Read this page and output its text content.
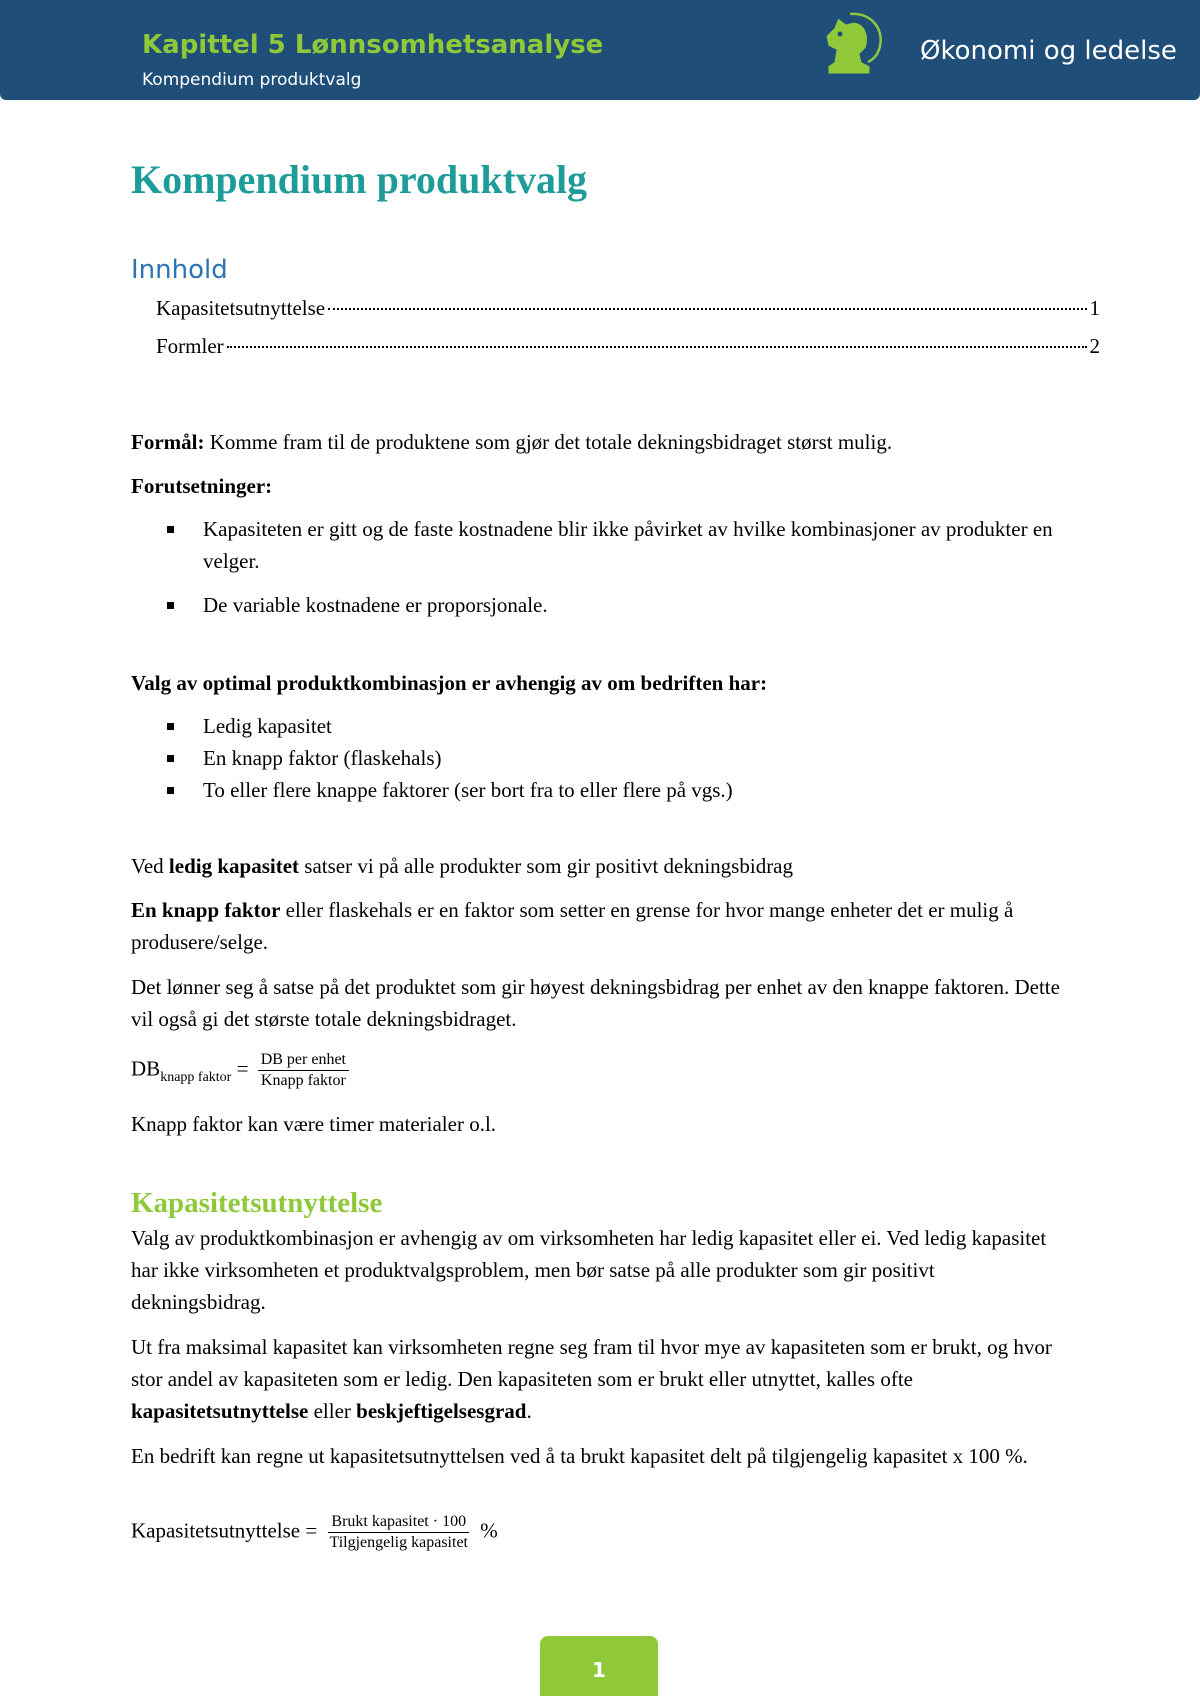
Kapittel 5 Lønnsomhetsanalyse
Kompendium produktvalg
Økonomi og ledelse
Kompendium produktvalg
Innhold
Kapasitetsutnyttelse	1
Formler	2
Formål: Komme fram til de produktene som gjør det totale dekningsbidraget størst mulig.
Forutsetninger:
Kapasiteten er gitt og de faste kostnadene blir ikke påvirket av hvilke kombinasjoner av produkter en velger.
De variable kostnadene er proporsjonale.
Valg av optimal produktkombinasjon er avhengig av om bedriften har:
Ledig kapasitet
En knapp faktor (flaskehals)
To eller flere knappe faktorer (ser bort fra to eller flere på vgs.)
Ved ledig kapasitet satser vi på alle produkter som gir positivt dekningsbidrag
En knapp faktor eller flaskehals er en faktor som setter en grense for hvor mange enheter det er mulig å produsere/selge.
Det lønner seg å satse på det produktet som gir høyest dekningsbidrag per enhet av den knappe faktoren. Dette vil også gi det største totale dekningsbidraget.
$DB_{knapp faktor} = \frac{\text{DB per enhet}}{\text{Knapp faktor}}$
Knapp faktor kan være timer materialer o.l.
Kapasitetsutnyttelse
Valg av produktkombinasjon er avhengig av om virksomheten har ledig kapasitet eller ei. Ved ledig kapasitet har ikke virksomheten et produktvalgsproblem, men bør satse på alle produkter som gir positivt dekningsbidrag.
Ut fra maksimal kapasitet kan virksomheten regne seg fram til hvor mye av kapasiteten som er brukt, og hvor stor andel av kapasiteten som er ledig. Den kapasiteten som er brukt eller utnyttet, kalles ofte kapasitetsutnyttelse eller beskjeftigelsesgrad.
En bedrift kan regne ut kapasitetsutnyttelsen ved å ta brukt kapasitet delt på tilgjengelig kapasitet x 100 %.
Kapasitetsutnyttelse = $\frac{\text{Brukt kapasitet · 100}}{\text{Tilgjengelig kapasitet}}$ %
1
